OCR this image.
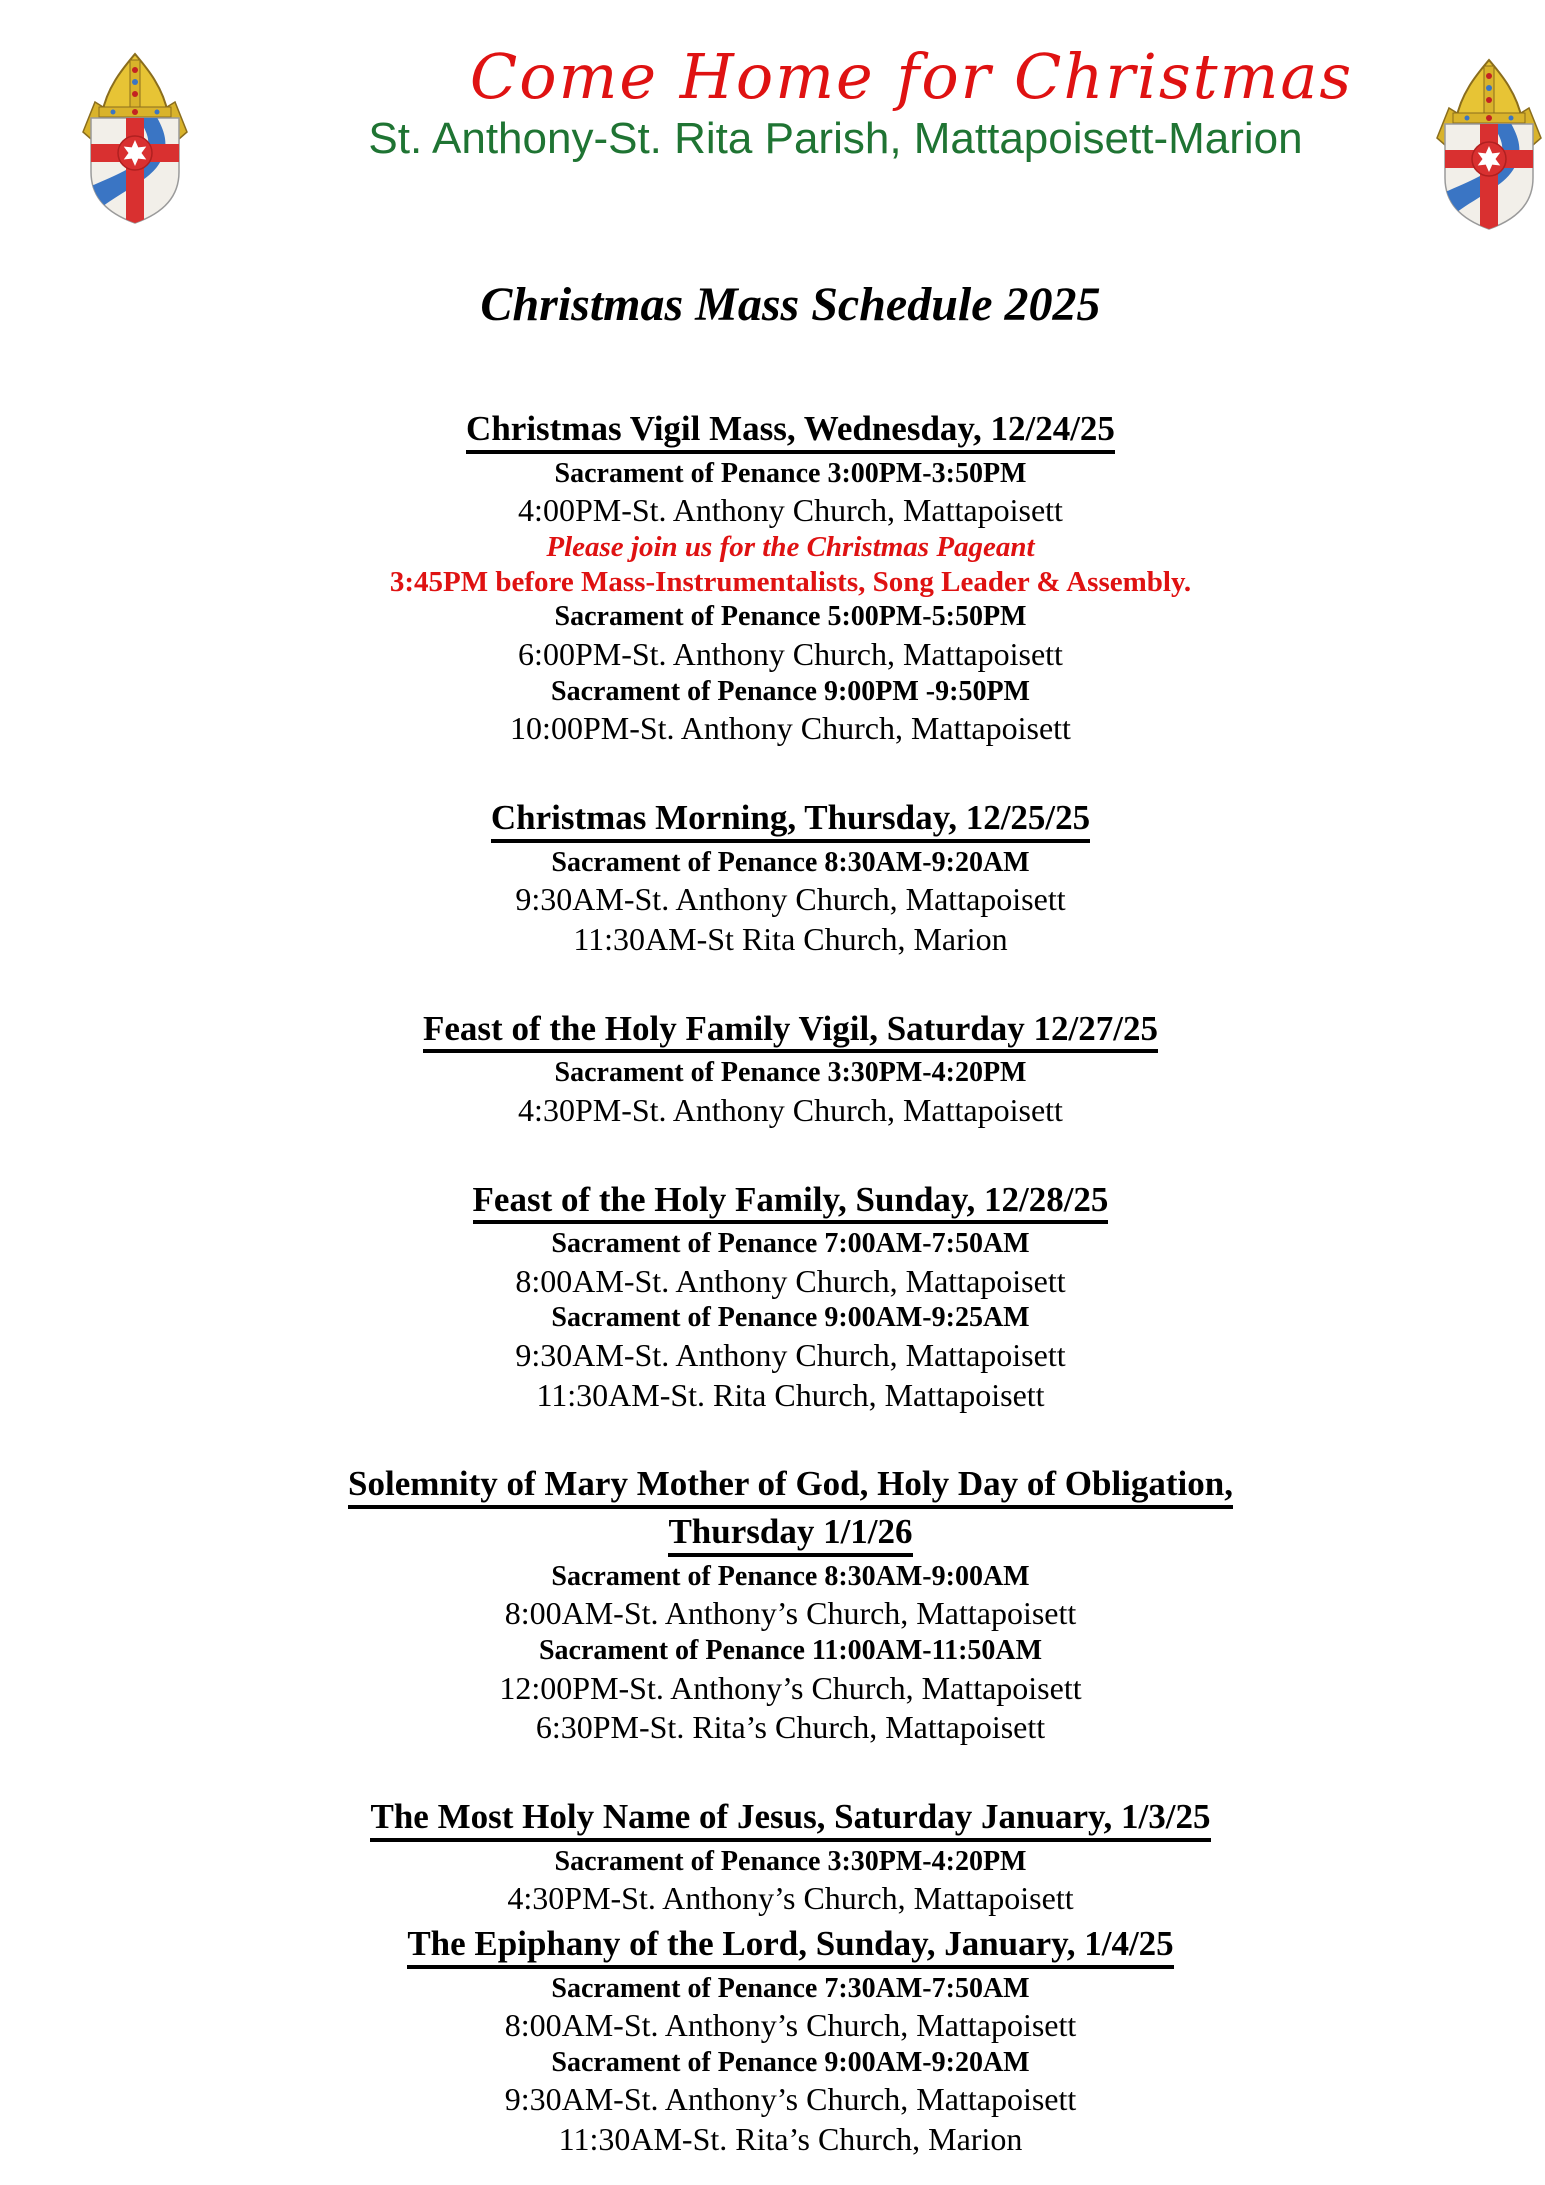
Come Home for Christmas
St. Anthony-St. Rita Parish, Mattapoisett-Marion
Christmas Mass Schedule 2025
Christmas Vigil Mass, Wednesday, 12/24/25

Sacrament of Penance 3:00PM-3:50PM

4:00PM-St. Anthony Church, Mattapoisett

Please join us for the Christmas Pageant

3:45PM before Mass-Instrumentalists, Song Leader & Assembly.

Sacrament of Penance 5:00PM-5:50PM

6:00PM-St. Anthony Church, Mattapoisett

Sacrament of Penance 9:00PM -9:50PM

10:00PM-St. Anthony Church, Mattapoisett

Christmas Morning, Thursday, 12/25/25

Sacrament of Penance 8:30AM-9:20AM

9:30AM-St. Anthony Church, Mattapoisett

11:30AM-St Rita Church, Marion

Feast of the Holy Family Vigil, Saturday 12/27/25

Sacrament of Penance 3:30PM-4:20PM

4:30PM-St. Anthony Church, Mattapoisett

Feast of the Holy Family, Sunday, 12/28/25

Sacrament of Penance 7:00AM-7:50AM

8:00AM-St. Anthony Church, Mattapoisett

Sacrament of Penance 9:00AM-9:25AM

9:30AM-St. Anthony Church, Mattapoisett

11:30AM-St. Rita Church, Mattapoisett

Solemnity of Mary Mother of God, Holy Day of Obligation,
Thursday 1/1/26

Sacrament of Penance 8:30AM-9:00AM

8:00AM-St. Anthony’s Church, Mattapoisett

Sacrament of Penance 11:00AM-11:50AM

12:00PM-St. Anthony’s Church, Mattapoisett

6:30PM-St. Rita’s Church, Mattapoisett

The Most Holy Name of Jesus, Saturday January, 1/3/25

Sacrament of Penance 3:30PM-4:20PM

4:30PM-St. Anthony’s Church, Mattapoisett

The Epiphany of the Lord, Sunday, January, 1/4/25

Sacrament of Penance 7:30AM-7:50AM

8:00AM-St. Anthony’s Church, Mattapoisett

Sacrament of Penance 9:00AM-9:20AM

9:30AM-St. Anthony’s Church, Mattapoisett

11:30AM-St. Rita’s Church, Marion
